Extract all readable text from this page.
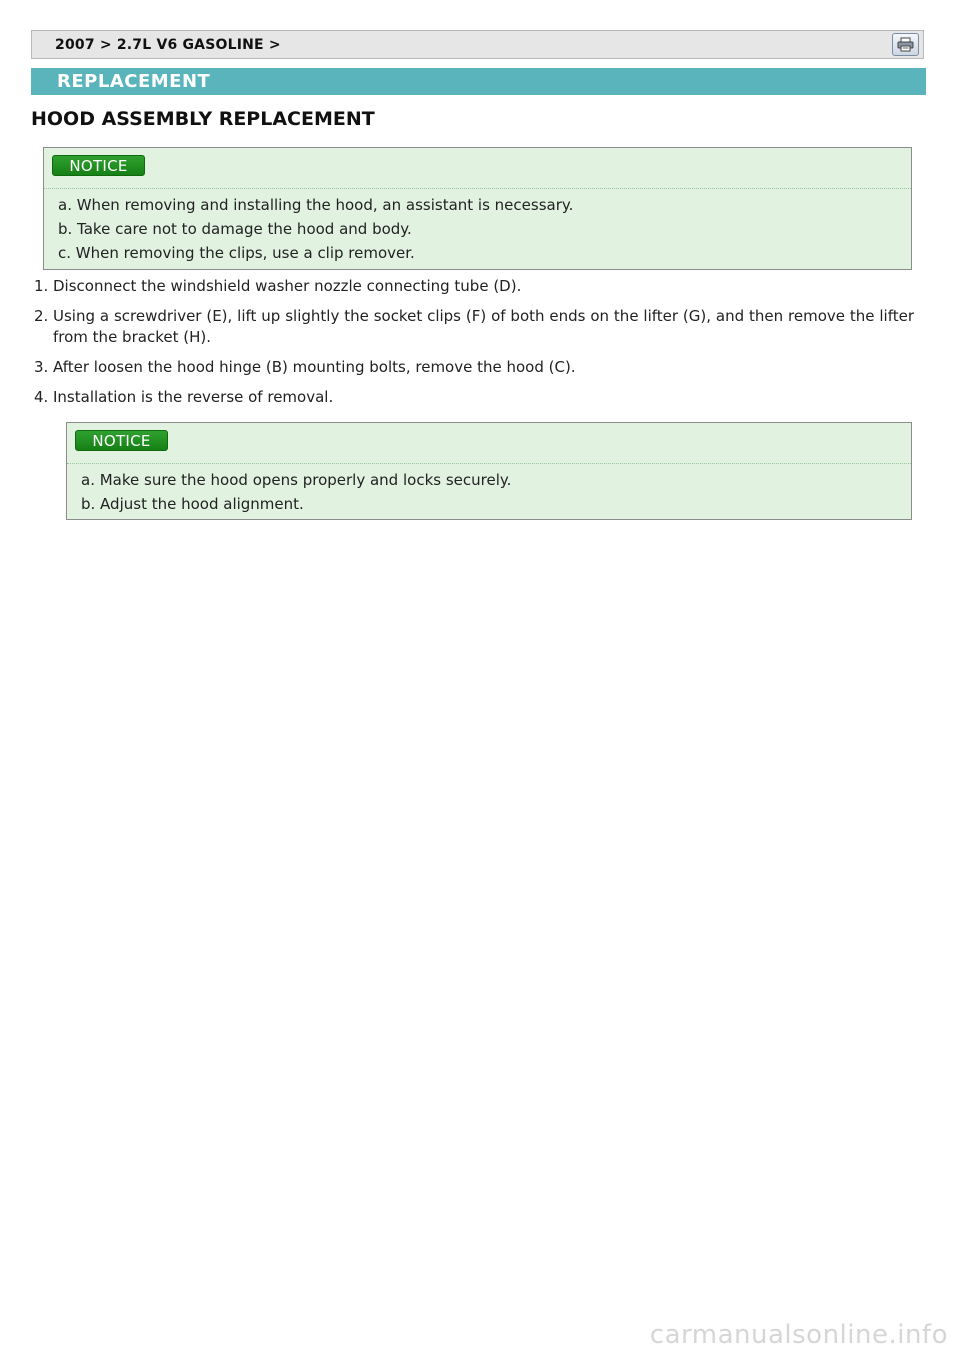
2007 > 2.7L V6 GASOLINE >
REPLACEMENT
HOOD ASSEMBLY REPLACEMENT
NOTICE
a. When removing and installing the hood, an assistant is necessary.
b. Take care not to damage the hood and body.
c. When removing the clips, use a clip remover.
1. Disconnect the windshield washer nozzle connecting tube (D).
2. Using a screwdriver (E), lift up slightly the socket clips (F) of both ends on the lifter (G), and then remove the lifter from the bracket (H).
3. After loosen the hood hinge (B) mounting bolts, remove the hood (C).
4. Installation is the reverse of removal.
NOTICE
a. Make sure the hood opens properly and locks securely.
b. Adjust the hood alignment.
carmanualsonline.info
